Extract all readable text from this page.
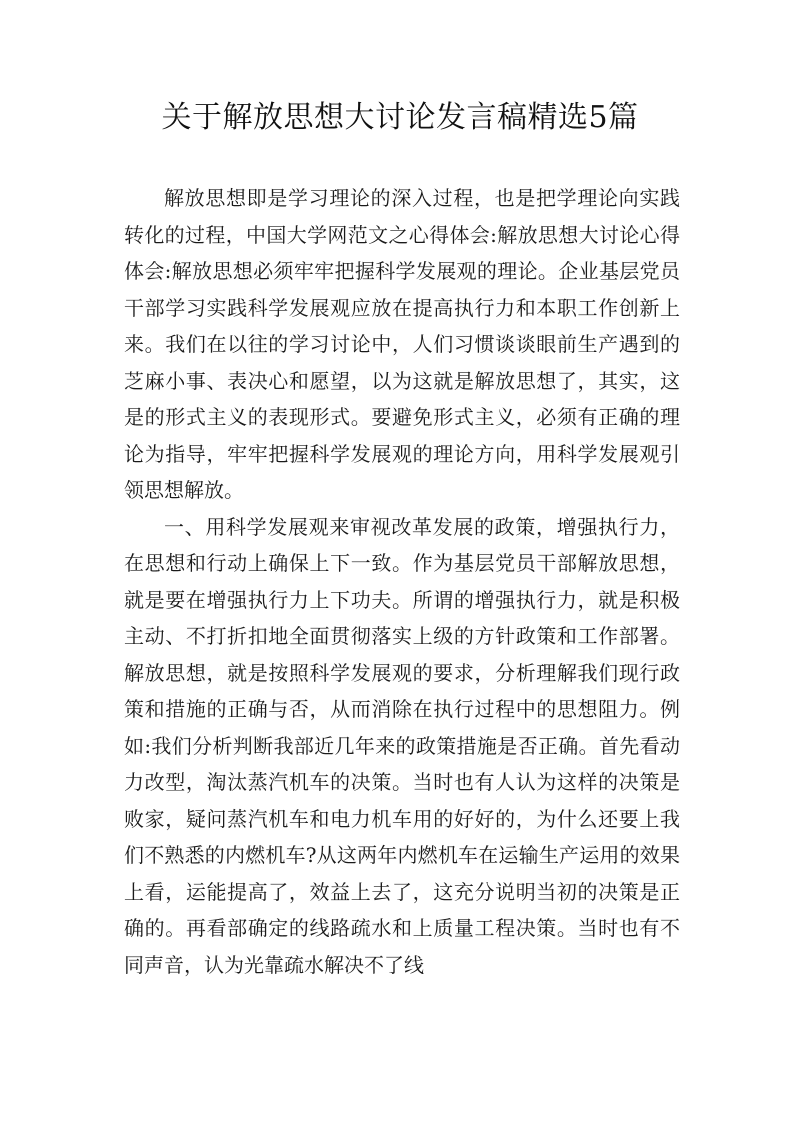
关于解放思想大讨论发言稿精选5篇

解放思想即是学习理论的深入过程，也是把学理论向实践转化的过程，中国大学网范文之心得体会:解放思想大讨论心得体会:解放思想必须牢牢把握科学发展观的理论。企业基层党员干部学习实践科学发展观应放在提高执行力和本职工作创新上来。我们在以往的学习讨论中，人们习惯谈谈眼前生产遇到的芝麻小事、表决心和愿望，以为这就是解放思想了，其实，这是的形式主义的表现形式。要避免形式主义，必须有正确的理论为指导，牢牢把握科学发展观的理论方向，用科学发展观引领思想解放。

一、用科学发展观来审视改革发展的政策，增强执行力，在思想和行动上确保上下一致。作为基层党员干部解放思想，就是要在增强执行力上下功夫。所谓的增强执行力，就是积极主动、不打折扣地全面贯彻落实上级的方针政策和工作部署。解放思想，就是按照科学发展观的要求，分析理解我们现行政策和措施的正确与否，从而消除在执行过程中的思想阻力。例如:我们分析判断我部近几年来的政策措施是否正确。首先看动力改型，淘汰蒸汽机车的决策。当时也有人认为这样的决策是败家，疑问蒸汽机车和电力机车用的好好的，为什么还要上我们不熟悉的内燃机车?从这两年内燃机车在运输生产运用的效果上看，运能提高了，效益上去了，这充分说明当初的决策是正确的。再看部确定的线路疏水和上质量工程决策。当时也有不同声音，认为光靠疏水解决不了线
